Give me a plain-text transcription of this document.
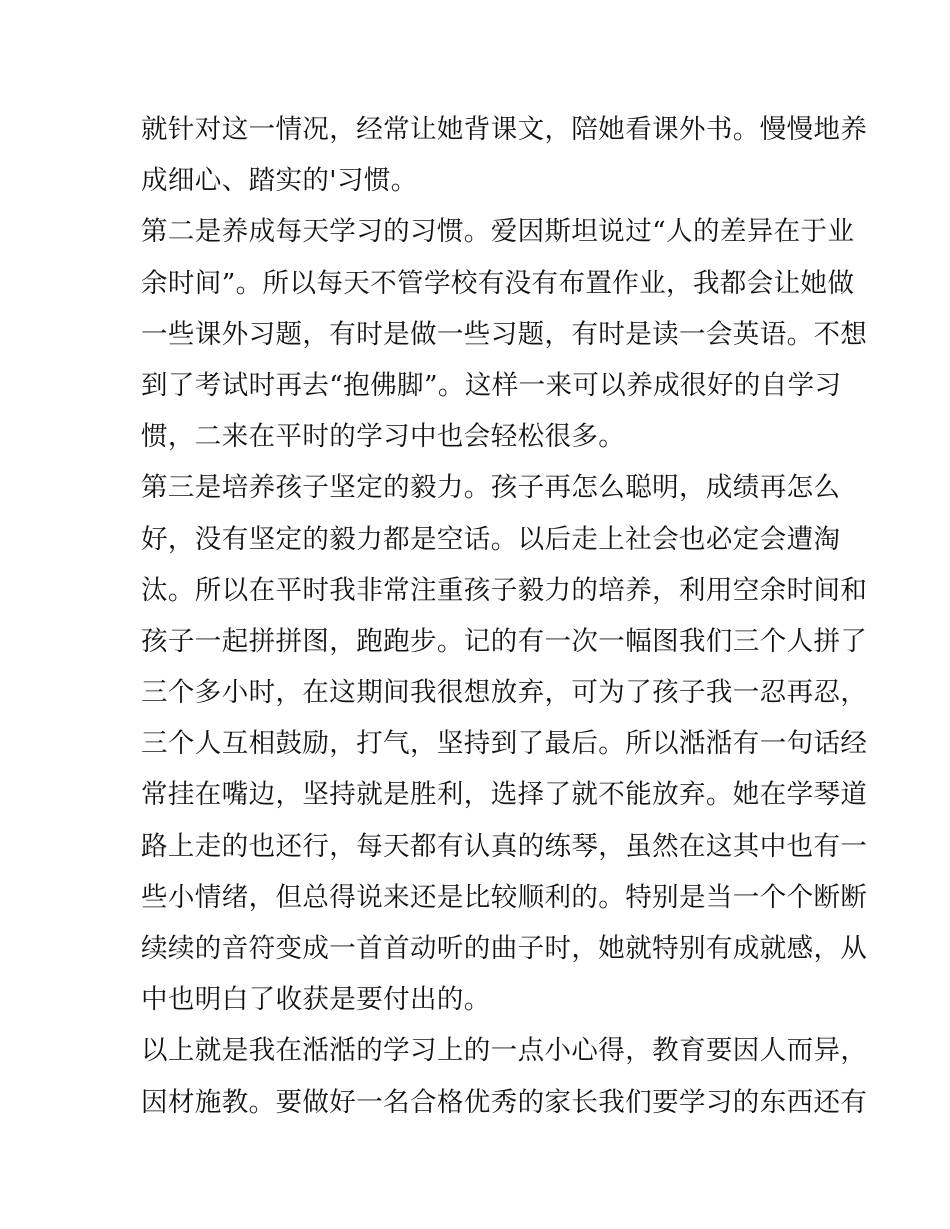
就针对这一情况，经常让她背课文，陪她看课外书。慢慢地养
成细心、踏实的'习惯。
第二是养成每天学习的习惯。爱因斯坦说过“人的差异在于业
余时间”。所以每天不管学校有没有布置作业，我都会让她做
一些课外习题，有时是做一些习题，有时是读一会英语。不想
到了考试时再去“抱佛脚”。这样一来可以养成很好的自学习
惯，二来在平时的学习中也会轻松很多。
第三是培养孩子坚定的毅力。孩子再怎么聪明，成绩再怎么
好，没有坚定的毅力都是空话。以后走上社会也必定会遭淘
汰。所以在平时我非常注重孩子毅力的培养，利用空余时间和
孩子一起拼拼图，跑跑步。记的有一次一幅图我们三个人拼了
三个多小时，在这期间我很想放弃，可为了孩子我一忍再忍，
三个人互相鼓励，打气，坚持到了最后。所以湉湉有一句话经
常挂在嘴边，坚持就是胜利，选择了就不能放弃。她在学琴道
路上走的也还行，每天都有认真的练琴，虽然在这其中也有一
些小情绪，但总得说来还是比较顺利的。特别是当一个个断断
续续的音符变成一首首动听的曲子时，她就特别有成就感，从
中也明白了收获是要付出的。
以上就是我在湉湉的学习上的一点小心得，教育要因人而异，
因材施教。要做好一名合格优秀的家长我们要学习的东西还有
